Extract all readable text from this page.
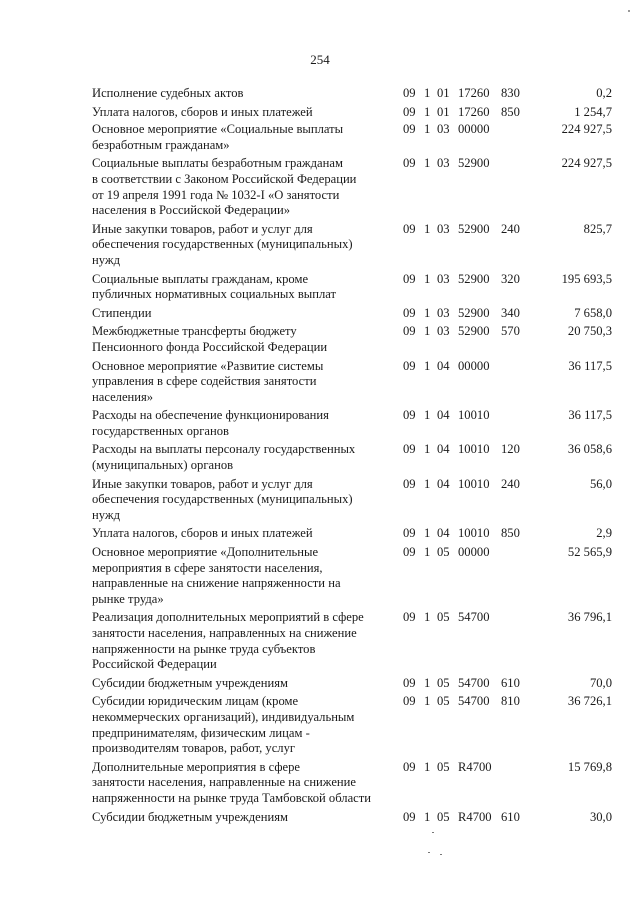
254
Исполнение судебных актов	09 1 01 17260 830	0,2
Уплата налогов, сборов и иных платежей	09 1 01 17260 850	1 254,7
Основное мероприятие «Социальные выплаты
безработным гражданам»
09 1 03 00000	224 927,5
Социальные выплаты безработным гражданам
в соответствии с Законом Российской Федерации
от 19 апреля 1991 года № 1032-I «О занятости
населения в Российской Федерации»
09 1 03 52900	224 927,5
Иные закупки товаров, работ и услуг для
обеспечения государственных (муниципальных)
нужд
09 1 03 52900 240	825,7
Социальные выплаты гражданам, кроме
публичных нормативных социальных выплат
09 1 03 52900 320	195 693,5
Стипендии	09 1 03 52900 340	7 658,0
Межбюджетные трансферты бюджету
Пенсионного фонда Российской Федерации
09 1 03 52900 570	20 750,3
Основное мероприятие «Развитие системы
управления в сфере содействия занятости
населения»
09 1 04 00000	36 117,5
Расходы на обеспечение функционирования
государственных органов
09 1 04 10010	36 117,5
Расходы на выплаты персоналу государственных
(муниципальных) органов
09 1 04 10010 120	36 058,6
Иные закупки товаров, работ и услуг для
обеспечения государственных (муниципальных)
нужд
09 1 04 10010 240	56,0
Уплата налогов, сборов и иных платежей	09 1 04 10010 850	2,9
Основное мероприятие «Дополнительные
мероприятия в сфере занятости населения,
направленные на снижение напряженности на
рынке труда»
09 1 05 00000	52 565,9
Реализация дополнительных мероприятий в сфере
занятости населения, направленных на снижение
напряженности на рынке труда субъектов
Российской Федерации
09 1 05 54700	36 796,1
Субсидии бюджетным учреждениям	09 1 05 54700 610	70,0
Субсидии юридическим лицам (кроме
некоммерческих организаций), индивидуальным
предпринимателям, физическим лицам -
производителям товаров, работ, услуг
09 1 05 54700 810	36 726,1
Дополнительные мероприятия в сфере
занятости населения, направленные на снижение
напряженности на рынке труда Тамбовской области
09 1 05 R4700	15 769,8
Субсидии бюджетным учреждениям	09 1 05 R4700 610	30,0
